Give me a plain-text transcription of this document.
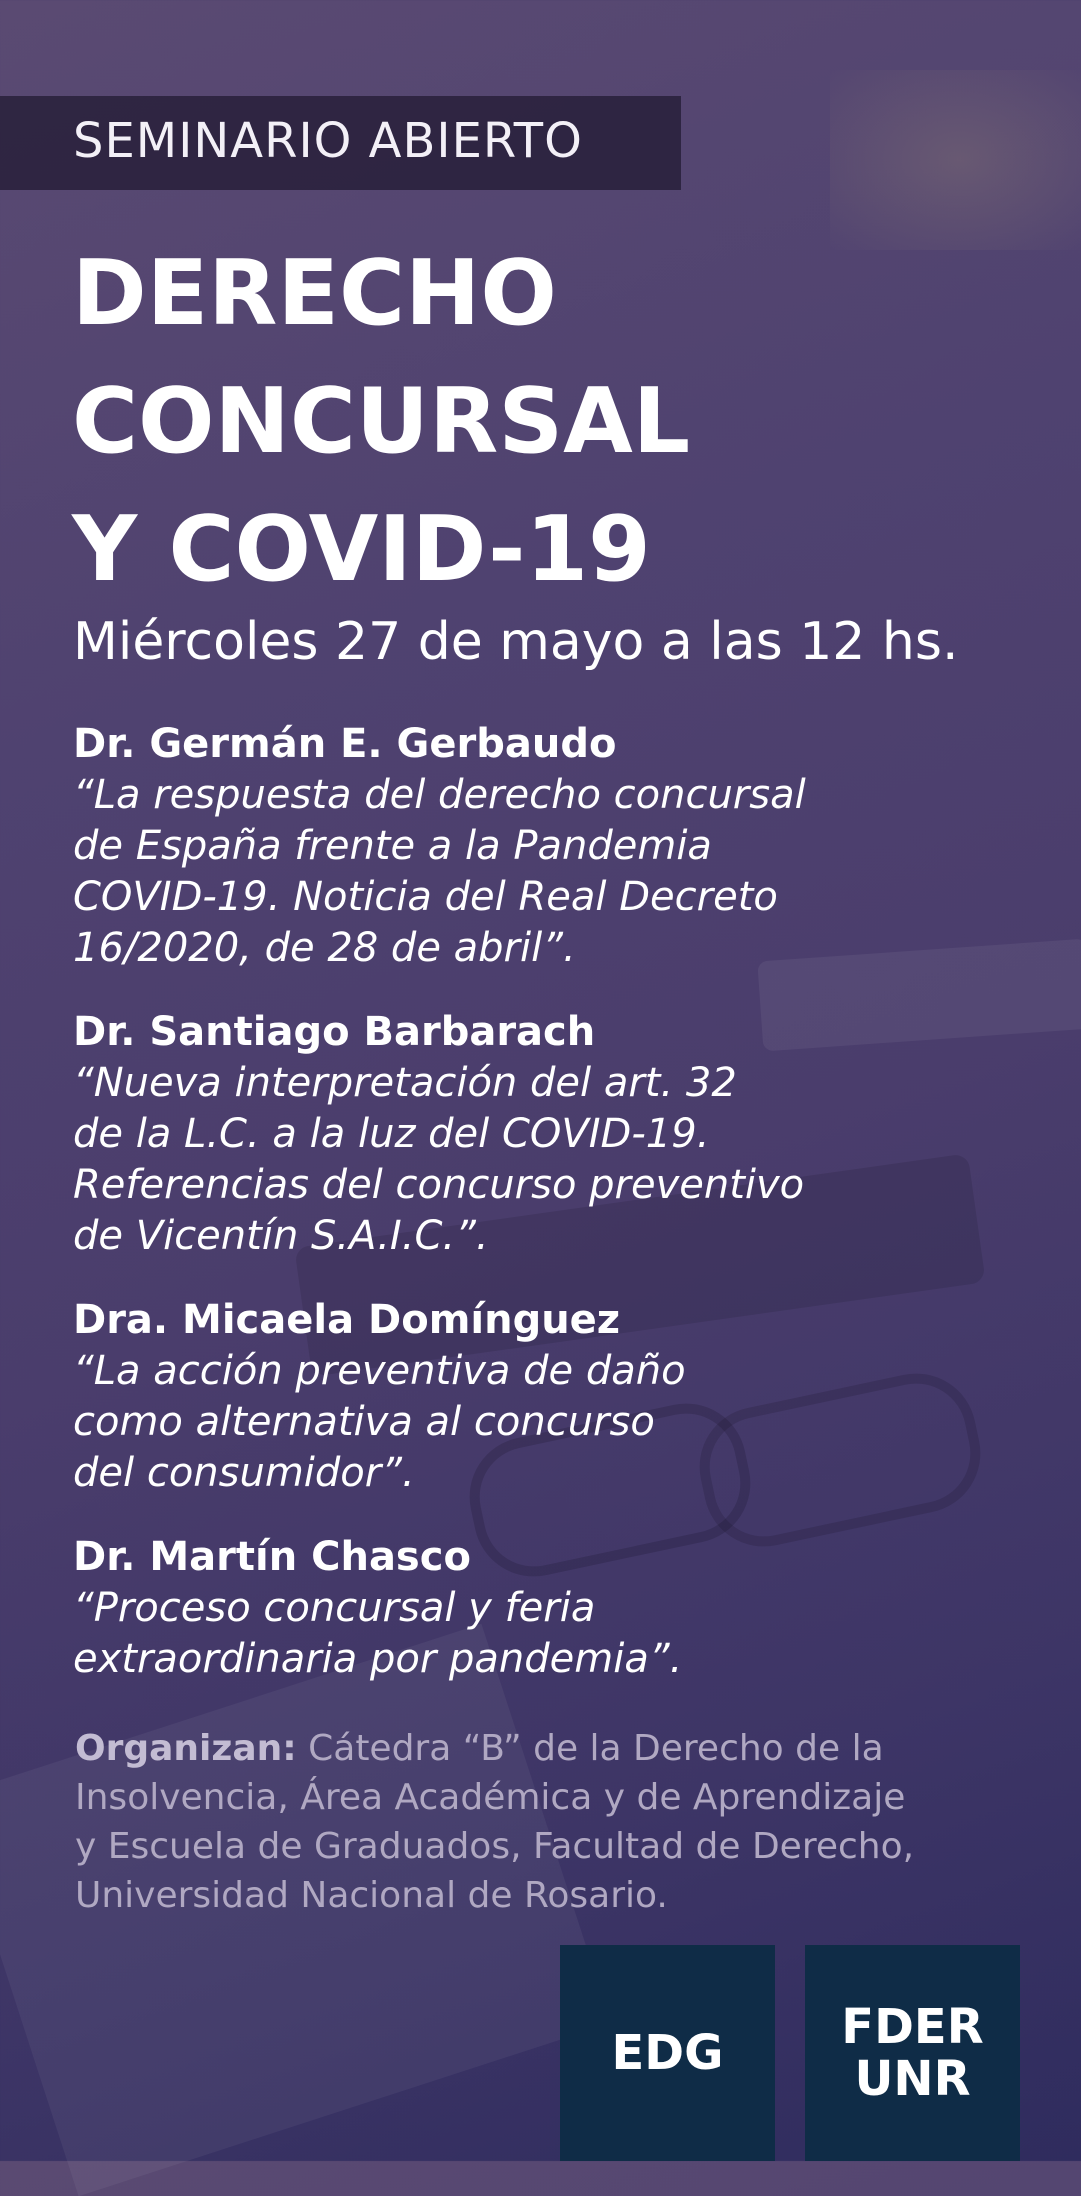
SEMINARIO ABIERTO
DERECHO
CONCURSAL
Y COVID-19
Miércoles 27 de mayo a las 12 hs.
Dr. Germán E. Gerbaudo
“La respuesta del derecho concursal
de España frente a la Pandemia
COVID-19. Noticia del Real Decreto
16/2020, de 28 de abril”.
Dr. Santiago Barbarach
“Nueva interpretación del art. 32
de la L.C. a la luz del COVID-19.
Referencias del concurso preventivo
de Vicentín S.A.I.C.”.
Dra. Micaela Domínguez
“La acción preventiva de daño
como alternativa al concurso
del consumidor”.
Dr. Martín Chasco
“Proceso concursal y feria
extraordinaria por pandemia”.
Organizan: Cátedra “B” de la Derecho de la
Insolvencia, Área Académica y de Aprendizaje
y Escuela de Graduados, Facultad de Derecho,
Universidad Nacional de Rosario.
EDG FDER
UNR
